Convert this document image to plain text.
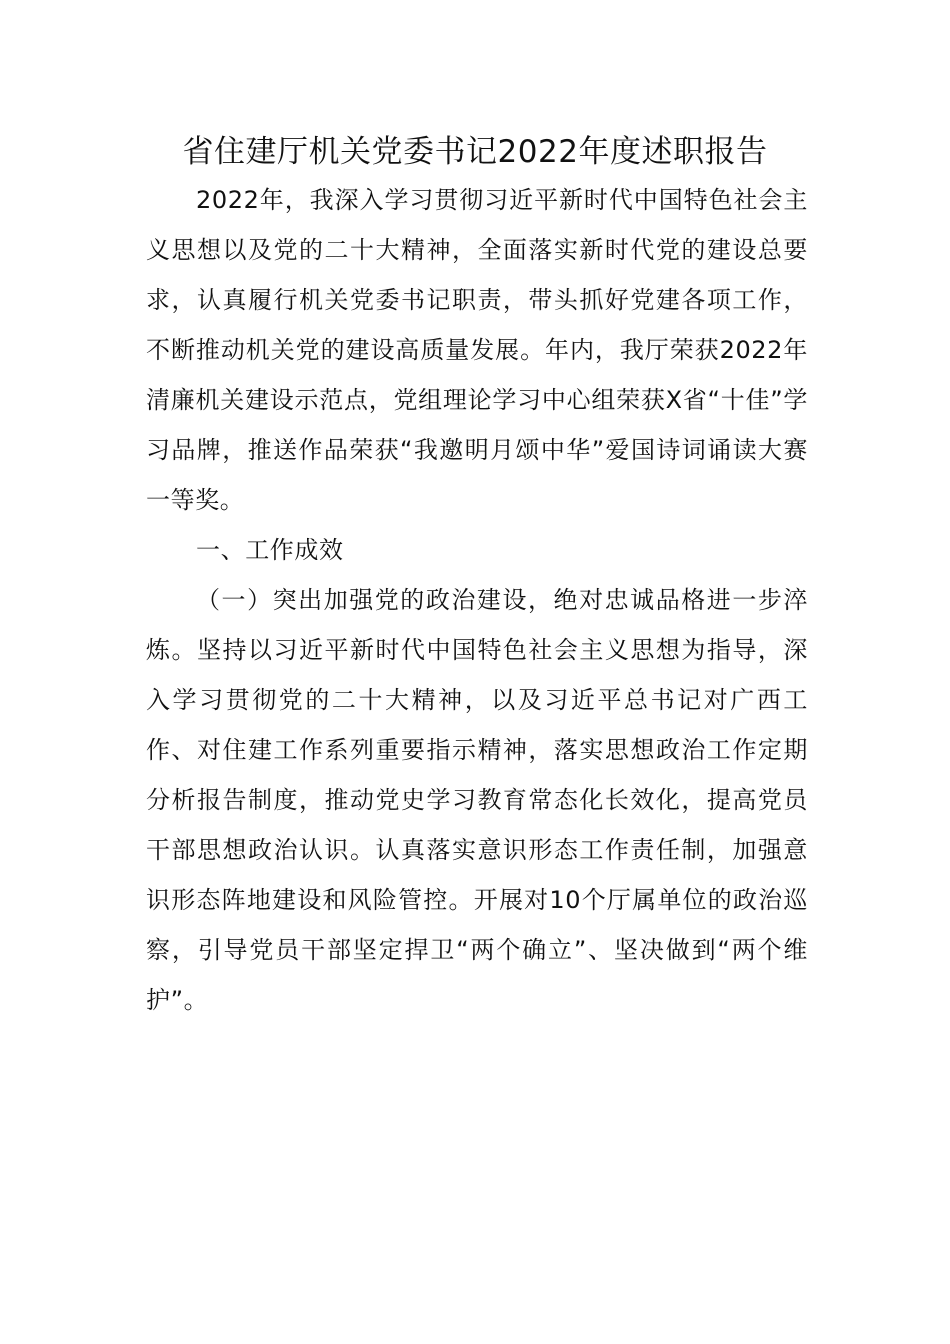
省住建厅机关党委书记2022年度述职报告

2022年，我深入学习贯彻习近平新时代中国特色社会主义思想以及党的二十大精神，全面落实新时代党的建设总要求，认真履行机关党委书记职责，带头抓好党建各项工作，不断推动机关党的建设高质量发展。年内，我厅荣获2022年清廉机关建设示范点，党组理论学习中心组荣获X省“十佳”学习品牌，推送作品荣获“我邀明月颂中华”爱国诗词诵读大赛一等奖。

一、工作成效

（一）突出加强党的政治建设，绝对忠诚品格进一步淬炼。坚持以习近平新时代中国特色社会主义思想为指导，深入学习贯彻党的二十大精神，以及习近平总书记对广西工作、对住建工作系列重要指示精神，落实思想政治工作定期分析报告制度，推动党史学习教育常态化长效化，提高党员干部思想政治认识。认真落实意识形态工作责任制，加强意识形态阵地建设和风险管控。开展对10个厅属单位的政治巡察，引导党员干部坚定捍卫“两个确立”、坚决做到“两个维护”。
